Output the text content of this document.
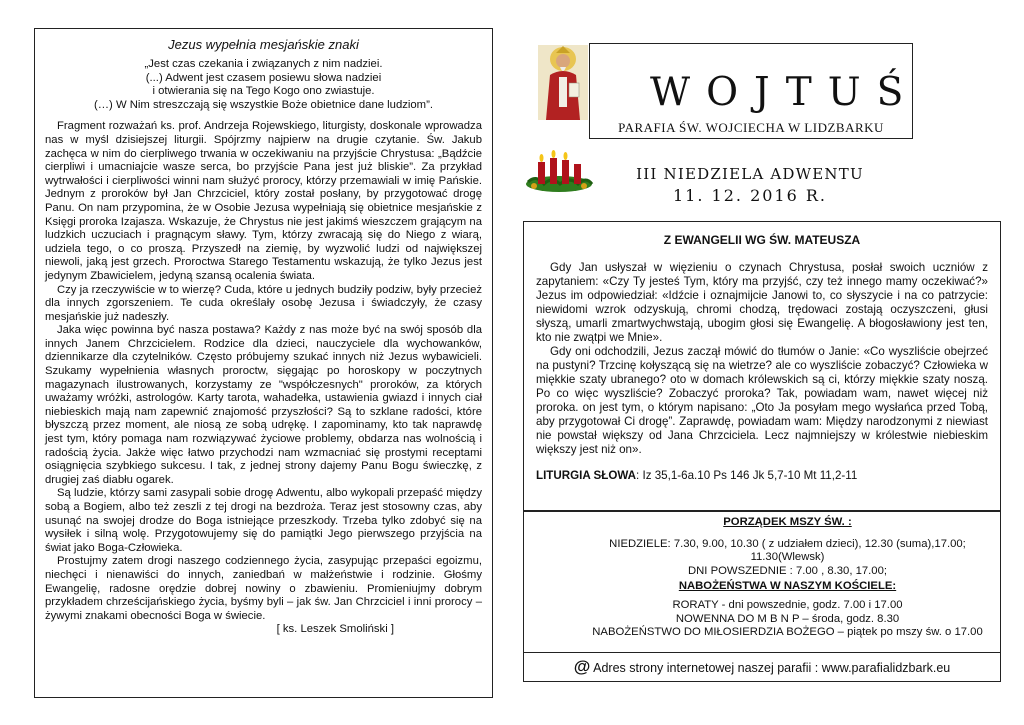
Jezus wypełnia mesjańskie znaki
„Jest czas czekania i związanych z nim nadziei.
(...) Adwent jest czasem posiewu słowa nadziei
i otwierania się na Tego Kogo ono zwiastuje.
(…) W Nim streszczają się wszystkie Boże obietnice dane ludziom”.

Fragment rozważań ks. prof. Andrzeja Rojewskiego, liturgisty, doskonale wprowadza nas w myśl dzisiejszej liturgii. Spójrzmy najpierw na drugie czytanie. Św. Jakub zachęca w nim do cierpliwego trwania w oczekiwaniu na przyjście Chrystusa: „Bądźcie cierpliwi i umacniajcie wasze serca, bo przyjście Pana jest już bliskie”. Za przykład wytrwałości i cierpliwości winni nam służyć prorocy, którzy przemawiali w imię Pańskie. Jednym z proroków był Jan Chrzciciel, który został posłany, by przygotować drogę Panu. On nam przypomina, że w Osobie Jezusa wypełniają się obietnice mesjańskie z Księgi proroka Izajasza. Wskazuje, że Chrystus nie jest jakimś wieszczem grającym na ludzkich uczuciach i pragnącym sławy. Tym, którzy zwracają się do Niego z wiarą, udziela tego, o co proszą. Przyszedł na ziemię, by wyzwolić ludzi od największej niewoli, jaką jest grzech. Proroctwa Starego Testamentu wskazują, że tylko Jezus jest jedynym Zbawicielem, jedyną szansą ocalenia świata.

Czy ja rzeczywiście w to wierzę? Cuda, które u jednych budziły podziw, były przecież dla innych zgorszeniem. Te cuda określały osobę Jezusa i świadczyły, że czasy mesjańskie już nadeszły.

Jaka więc powinna być nasza postawa? Każdy z nas może być na swój sposób dla innych Janem Chrzcicielem. Rodzice dla dzieci, nauczyciele dla wychowanków, dziennikarze dla czytelników. Często próbujemy szukać innych niż Jezus wybawicieli. Szukamy wypełnienia własnych proroctw, sięgając po horoskopy w poczytnych magazynach ilustrowanych, korzystamy ze "współczesnych" proroków, za których uważamy wróżki, astrologów. Karty tarota, wahadełka, ustawienia gwiazd i innych ciał niebieskich mają nam zapewnić znajomość przyszłości? Są to szklane radości, które błyszczą przez moment, ale niosą ze sobą udrękę. I zapominamy, kto tak naprawdę jest tym, który pomaga nam rozwiązywać życiowe problemy, obdarza nas wolnością i radością życia. Jakże więc łatwo przychodzi nam wzmacniać się prostymi receptami osiągnięcia szybkiego sukcesu. I tak, z jednej strony dajemy Panu Bogu świeczkę, z drugiej zaś diabłu ogarek.

Są ludzie, którzy sami zasypali sobie drogę Adwentu, albo wykopali przepaść między sobą a Bogiem, albo też zeszli z tej drogi na bezdroża. Teraz jest stosowny czas, aby usunąć na swojej drodze do Boga istniejące przeszkody. Trzeba tylko zdobyć się na wysiłek i silną wolę. Przygotowujemy się do pamiątki Jego pierwszego przyjścia na świat jako Boga-Człowieka.

Prostujmy zatem drogi naszego codziennego życia, zasypując przepaści egoizmu, niechęci i nienawiści do innych, zaniedbań w małżeństwie i rodzinie. Głośmy Ewangelię, radosne orędzie dobrej nowiny o zbawieniu. Promieniujmy dobrym przykładem chrześcijańskiego życia, byśmy byli – jak św. Jan Chrzciciel i inni prorocy – żywymi znakami obecności Boga w świecie.

[ ks. Leszek Smoliński ]

WOJTUŚ
PARAFIA ŚW. WOJCIECHA W LIDZBARKU
III NIEDZIELA ADWENTU
11. 12. 2016 R.
Z EWANGELII WG ŚW. MATEUSZA

Gdy Jan usłyszał w więzieniu o czynach Chrystusa, posłał swoich uczniów z zapytaniem: «Czy Ty jesteś Tym, który ma przyjść, czy też innego mamy oczekiwać?» Jezus im odpowiedział: «Idźcie i oznajmijcie Janowi to, co słyszycie i na co patrzycie: niewidomi wzrok odzyskują, chromi chodzą, trędowaci zostają oczyszczeni, głusi słyszą, umarli zmartwychwstają, ubogim głosi się Ewangelię. A błogosławiony jest ten, kto nie zwątpi we Mnie».

Gdy oni odchodzili, Jezus zaczął mówić do tłumów o Janie: «Co wyszliście obejrzeć na pustyni? Trzcinę kołyszącą się na wietrze? ale co wyszliście zobaczyć? Człowieka w miękkie szaty ubranego? oto w domach królewskich są ci, którzy miękkie szaty noszą. Po co więc wyszliście? Zobaczyć proroka? Tak, powiadam wam, nawet więcej niż proroka. on jest tym, o którym napisano: „Oto Ja posyłam mego wysłańca przed Tobą, aby przygotował Ci drogę”. Zaprawdę, powiadam wam: Między narodzonymi z niewiast nie powstał większy od Jana Chrzciciela. Lecz najmniejszy w królestwie niebieskim większy jest niż on».

LITURGIA SŁOWA: Iz 35,1-6a.10 Ps 146 Jk 5,7-10 Mt 11,2-11
PORZĄDEK MSZY ŚW. :
NIEDZIELE: 7.30, 9.00, 10.30 ( z udziałem dzieci), 12.30 (suma),17.00;
11.30(Wlewsk)
DNI POWSZEDNIE : 7.00 , 8.30, 17.00;
NABOŻEŃSTWA W NASZYM KOŚCIELE:
RORATY - dni powszednie, godz. 7.00 i 17.00
NOWENNA DO M B N P – środa, godz. 8.30
NABOŻEŃSTWO DO MIŁOSIERDZIA BOŻEGO – piątek po mszy św. o 17.00
@ Adres strony internetowej naszej parafii : www.parafialidzbark.eu
